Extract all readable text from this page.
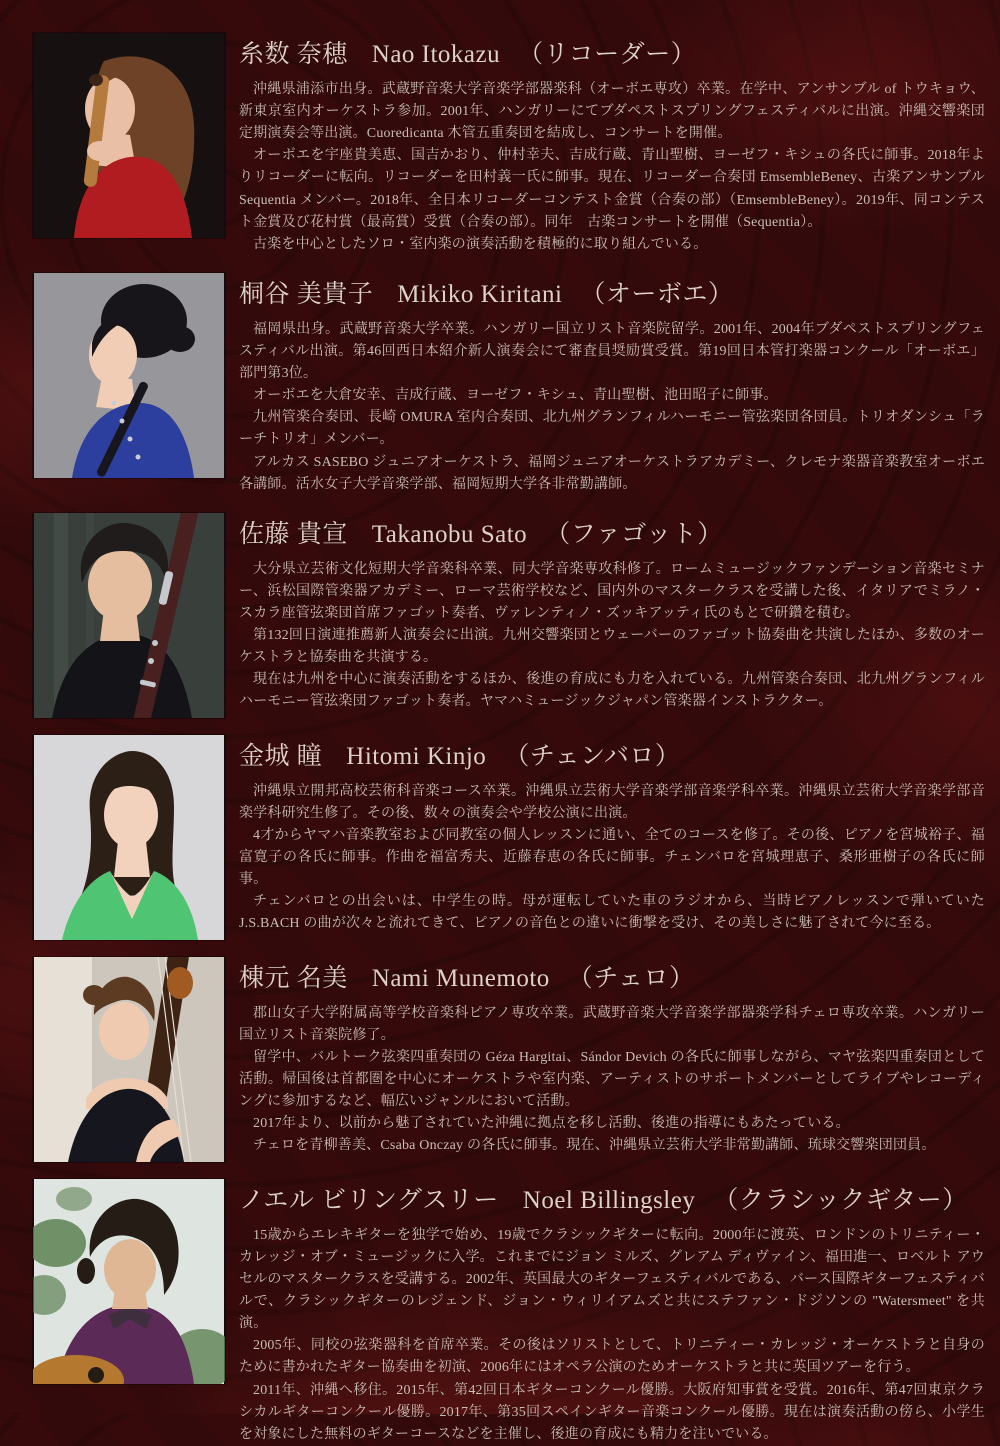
糸数 奈穂 Nao Itokazu （リコーダー）

沖縄県浦添市出身。武蔵野音楽大学音楽学部器楽科（オーボエ専攻）卒業。在学中、アンサンブル of トウキョウ、新東京室内オーケストラ参加。2001年、ハンガリーにてブダペストスプリングフェスティバルに出演。沖縄交響楽団定期演奏会等出演。Cuoredicanta 木管五重奏団を結成し、コンサートを開催。

オーボエを宇座貴美恵、国吉かおり、仲村幸夫、吉成行蔵、青山聖樹、ヨーゼフ・キシュの各氏に師事。2018年よりリコーダーに転向。リコーダーを田村義一氏に師事。現在、リコーダー合奏団 EmsembleBeney、古楽アンサンブル Sequentia メンバー。2018年、全日本リコーダーコンテスト金賞（合奏の部）（EmsembleBeney）。2019年、同コンテスト金賞及び花村賞（最高賞）受賞（合奏の部）。同年　古楽コンサートを開催（Sequentia）。

古楽を中心としたソロ・室内楽の演奏活動を積極的に取り組んでいる。

桐谷 美貴子 Mikiko Kiritani （オーボエ）

福岡県出身。武蔵野音楽大学卒業。ハンガリー国立リスト音楽院留学。2001年、2004年ブダペストスプリングフェスティバル出演。第46回西日本紹介新人演奏会にて審査員奨励賞受賞。第19回日本管打楽器コンクール「オーボエ」部門第3位。

オーボエを大倉安幸、吉成行蔵、ヨーゼフ・キシュ、青山聖樹、池田昭子に師事。

九州管楽合奏団、長崎 OMURA 室内合奏団、北九州グランフィルハーモニー管弦楽団各団員。トリオダンシュ「ラーチトリオ」メンバー。

アルカス SASEBO ジュニアオーケストラ、福岡ジュニアオーケストラアカデミー、クレモナ楽器音楽教室オーボエ各講師。活水女子大学音楽学部、福岡短期大学各非常勤講師。

佐藤 貴宣 Takanobu Sato （ファゴット）

大分県立芸術文化短期大学音楽科卒業、同大学音楽専攻科修了。ロームミュージックファンデーション音楽セミナー、浜松国際管楽器アカデミー、ローマ芸術学校など、国内外のマスタークラスを受講した後、イタリアでミラノ・スカラ座管弦楽団首席ファゴット奏者、ヴァレンティノ・ズッキアッティ氏のもとで研鑽を積む。

第132回日演連推薦新人演奏会に出演。九州交響楽団とウェーバーのファゴット協奏曲を共演したほか、多数のオーケストラと協奏曲を共演する。

現在は九州を中心に演奏活動をするほか、後進の育成にも力を入れている。九州管楽合奏団、北九州グランフィルハーモニー管弦楽団ファゴット奏者。ヤマハミュージックジャパン管楽器インストラクター。

金城 瞳 Hitomi Kinjo （チェンバロ）

沖縄県立開邦高校芸術科音楽コース卒業。沖縄県立芸術大学音楽学部音楽学科卒業。沖縄県立芸術大学音楽学部音楽学科研究生修了。その後、数々の演奏会や学校公演に出演。

4才からヤマハ音楽教室および同教室の個人レッスンに通い、全てのコースを修了。その後、ピアノを宮城裕子、福富寛子の各氏に師事。作曲を福富秀夫、近藤春恵の各氏に師事。チェンバロを宮城理恵子、桑形亜樹子の各氏に師事。

チェンバロとの出会いは、中学生の時。母が運転していた車のラジオから、当時ピアノレッスンで弾いていた J.S.BACH の曲が次々と流れてきて、ピアノの音色との違いに衝撃を受け、その美しさに魅了されて今に至る。

棟元 名美 Nami Munemoto （チェロ）

郡山女子大学附属高等学校音楽科ピアノ専攻卒業。武蔵野音楽大学音楽学部器楽学科チェロ専攻卒業。ハンガリー国立リスト音楽院修了。

留学中、バルトーク弦楽四重奏団の Géza Hargitai、Sándor Devich の各氏に師事しながら、マヤ弦楽四重奏団として活動。帰国後は首都圏を中心にオーケストラや室内楽、アーティストのサポートメンバーとしてライブやレコーディングに参加するなど、幅広いジャンルにおいて活動。

2017年より、以前から魅了されていた沖縄に拠点を移し活動、後進の指導にもあたっている。

チェロを青柳善美、Csaba Onczay の各氏に師事。現在、沖縄県立芸術大学非常勤講師、琉球交響楽団団員。

ノエル ビリングスリー Noel Billingsley （クラシックギター）

15歳からエレキギターを独学で始め、19歳でクラシックギターに転向。2000年に渡英、ロンドンのトリニティー・カレッジ・オブ・ミュージックに入学。これまでにジョン ミルズ、グレアム ディヴァイン、福田進一、ロベルト アウセルのマスタークラスを受講する。2002年、英国最大のギターフェスティバルである、バース国際ギターフェスティバルで、クラシックギターのレジェンド、ジョン・ウィリイアムズと共にステファン・ドジソンの "Watersmeet" を共演。

2005年、同校の弦楽器科を首席卒業。その後はソリストとして、トリニティー・カレッジ・オーケストラと自身のために書かれたギター協奏曲を初演、2006年にはオペラ公演のためオーケストラと共に英国ツアーを行う。

2011年、沖縄へ移住。2015年、第42回日本ギターコンクール優勝。大阪府知事賞を受賞。2016年、第47回東京クラシカルギターコンクール優勝。2017年、第35回スペインギター音楽コンクール優勝。現在は演奏活動の傍ら、小学生を対象にした無料のギターコースなどを主催し、後進の育成にも精力を注いでいる。
